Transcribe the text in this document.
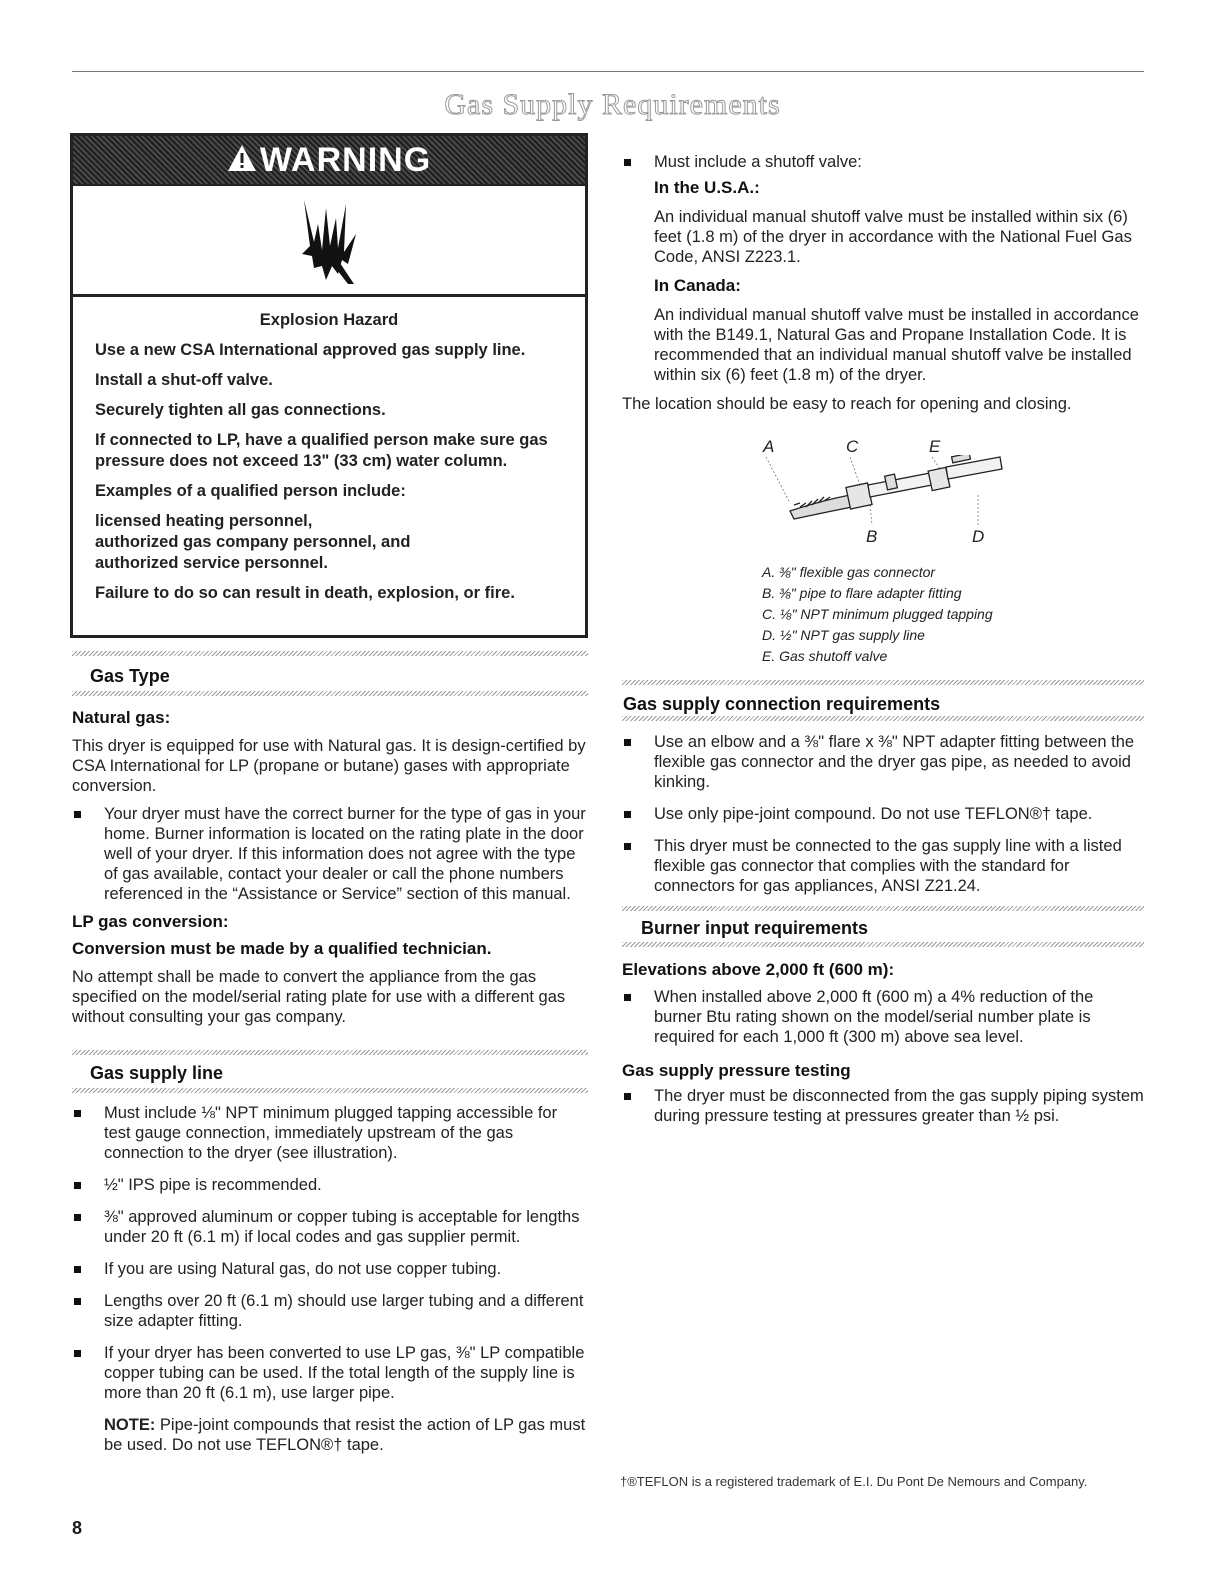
Gas Supply Requirements
WARNING

Explosion Hazard

Use a new CSA International approved gas supply line.

Install a shut-off valve.

Securely tighten all gas connections.

If connected to LP, have a qualified person make sure gas pressure does not exceed 13" (33 cm) water column.

Examples of a qualified person include:

licensed heating personnel,

authorized gas company personnel, and

authorized service personnel.

Failure to do so can result in death, explosion, or fire.

Gas Type
Natural gas:
This dryer is equipped for use with Natural gas. It is design-certified by CSA International for LP (propane or butane) gases with appropriate conversion.
Your dryer must have the correct burner for the type of gas in your home. Burner information is located on the rating plate in the door well of your dryer. If this information does not agree with the type of gas available, contact your dealer or call the phone numbers referenced in the “Assistance or Service” section of this manual.
LP gas conversion:
Conversion must be made by a qualified technician.
No attempt shall be made to convert the appliance from the gas specified on the model/serial rating plate for use with a different gas without consulting your gas company.
Gas supply line
Must include ⅛" NPT minimum plugged tapping accessible for test gauge connection, immediately upstream of the gas connection to the dryer (see illustration).
½" IPS pipe is recommended.
⅜" approved aluminum or copper tubing is acceptable for lengths under 20 ft (6.1 m) if local codes and gas supplier permit.
If you are using Natural gas, do not use copper tubing.
Lengths over 20 ft (6.1 m) should use larger tubing and a different size adapter fitting.
If your dryer has been converted to use LP gas, ⅜" LP compatible copper tubing can be used. If the total length of the supply line is more than 20 ft (6.1 m), use larger pipe.
NOTE: Pipe-joint compounds that resist the action of LP gas must be used. Do not use TEFLON®† tape.
Must include a shutoff valve:
In the U.S.A.:
An individual manual shutoff valve must be installed within six (6) feet (1.8 m) of the dryer in accordance with the National Fuel Gas Code, ANSI Z223.1.
In Canada:
An individual manual shutoff valve must be installed in accordance with the B149.1, Natural Gas and Propane Installation Code. It is recommended that an individual manual shutoff valve be installed within six (6) feet (1.8 m) of the dryer.
The location should be easy to reach for opening and closing.
A	C	E
B	D
A. ⅜" flexible gas connector
B. ⅜" pipe to flare adapter fitting
C. ⅛" NPT minimum plugged tapping
D. ½" NPT gas supply line
E. Gas shutoff valve
Gas supply connection requirements
Use an elbow and a ⅜" flare x ⅜" NPT adapter fitting between the flexible gas connector and the dryer gas pipe, as needed to avoid kinking.
Use only pipe-joint compound. Do not use TEFLON®† tape.
This dryer must be connected to the gas supply line with a listed flexible gas connector that complies with the standard for connectors for gas appliances, ANSI Z21.24.
Burner input requirements
Elevations above 2,000 ft (600 m):
When installed above 2,000 ft (600 m) a 4% reduction of the burner Btu rating shown on the model/serial number plate is required for each 1,000 ft (300 m) above sea level.
Gas supply pressure testing
The dryer must be disconnected from the gas supply piping system during pressure testing at pressures greater than ½ psi.
†®TEFLON is a registered trademark of E.I. Du Pont De Nemours and Company.
8
